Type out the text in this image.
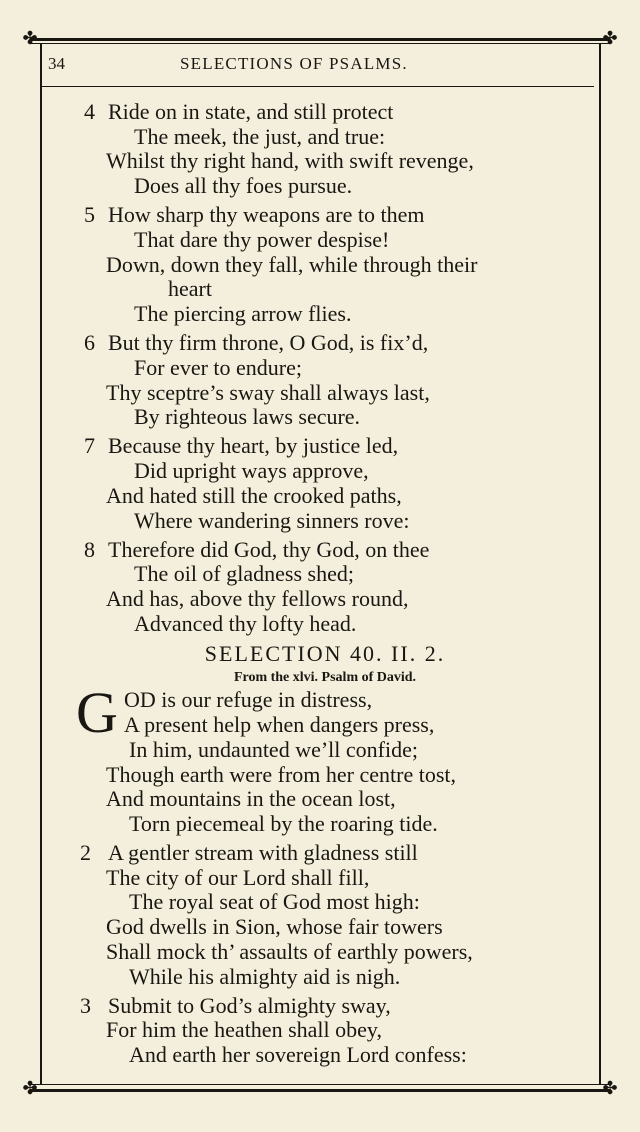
✤	✤
✤	✤
34	SELECTIONS OF PSALMS.
4 Ride on in state, and still protect
The meek, the just, and true:
Whilst thy right hand, with swift revenge,
Does all thy foes pursue.
5 How sharp thy weapons are to them
That dare thy power despise!
Down, down they fall, while through their
heart
The piercing arrow flies.
6 But thy firm throne, O God, is fix’d,
For ever to endure;
Thy sceptre’s sway shall always last,
By righteous laws secure.
7 Because thy heart, by justice led,
Did upright ways approve,
And hated still the crooked paths,
Where wandering sinners rove:
8 Therefore did God, thy God, on thee
The oil of gladness shed;
And has, above thy fellows round,
Advanced thy lofty head.
SELECTION 40. II. 2.
From the xlvi. Psalm of David.
G OD is our refuge in distress,
A present help when dangers press,
In him, undaunted we’ll confide;
Though earth were from her centre tost,
And mountains in the ocean lost,
Torn piecemeal by the roaring tide.
2 A gentler stream with gladness still
The city of our Lord shall fill,
The royal seat of God most high:
God dwells in Sion, whose fair towers
Shall mock th’ assaults of earthly powers,
While his almighty aid is nigh.
3 Submit to God’s almighty sway,
For him the heathen shall obey,
And earth her sovereign Lord confess:
